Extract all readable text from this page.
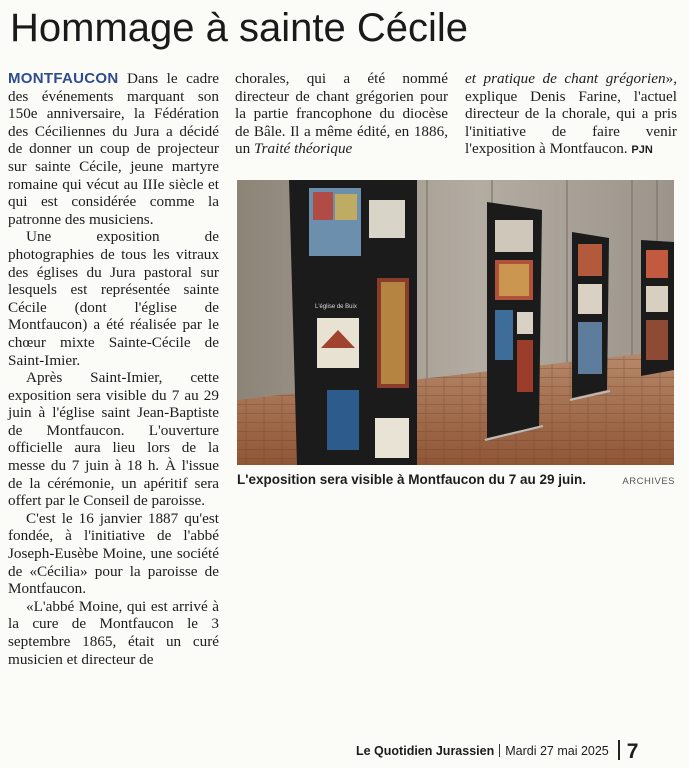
Hommage à sainte Cécile

MONTFAUCON Dans le cadre des événements marquant son 150e anniversaire, la Fédération des Céciliennes du Jura a décidé de donner un coup de projecteur sur sainte Cécile, jeune martyre romaine qui vécut au IIIe siècle et qui est considérée comme la patronne des musiciens.

Une exposition de photographies de tous les vitraux des églises du Jura pastoral sur lesquels est représentée sainte Cécile (dont l'église de Montfaucon) a été réalisée par le chœur mixte Sainte-Cécile de Saint-Imier.

Après Saint-Imier, cette exposition sera visible du 7 au 29 juin à l'église saint Jean-Baptiste de Montfaucon. L'ouverture officielle aura lieu lors de la messe du 7 juin à 18 h. À l'issue de la cérémonie, un apéritif sera offert par le Conseil de paroisse.

C'est le 16 janvier 1887 qu'est fondée, à l'initiative de l'abbé Joseph-Eusèbe Moine, une société de «Cécilia» pour la paroisse de Montfaucon.

«L'abbé Moine, qui est arrivé à la cure de Montfaucon le 3 septembre 1865, était un curé musicien et directeur de

chorales, qui a été nommé directeur de chant grégorien pour la partie francophone du diocèse de Bâle. Il a même édité, en 1886, un Traité théorique

et pratique de chant grégorien», explique Denis Farine, l'actuel directeur de la chorale, qui a pris l'initiative de faire venir l'exposition à Montfaucon. PJN

L'église de Buix
L'exposition sera visible à Montfaucon du 7 au 29 juin.	ARCHIVES
Le Quotidien Jurassien Mardi 27 mai 2025 7
